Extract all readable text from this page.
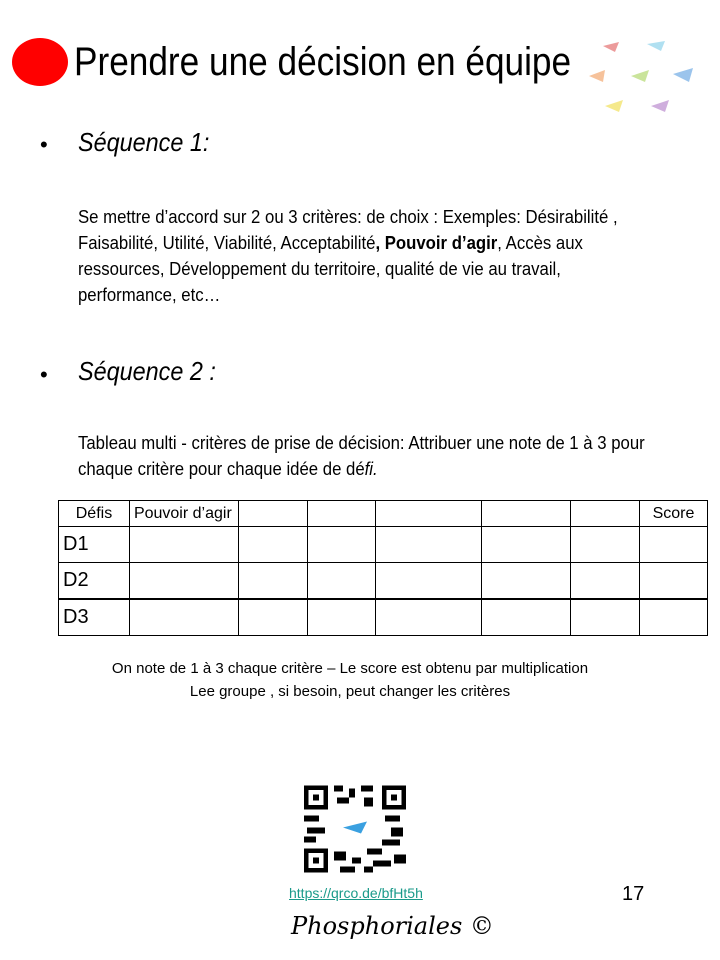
Prendre une décision en équipe
• Séquence 1:
Se mettre d’accord sur 2 ou 3 critères: de choix : Exemples: Désirabilité , Faisabilité, Utilité, Viabilité, Acceptabilité, Pouvoir d’agir, Accès aux ressources, Développement du territoire, qualité de vie au travail, performance, etc…
• Séquence 2 :
Tableau multi - critères de prise de décision: Attribuer une note de 1 à 3 pour chaque critère pour chaque idée de défi.
Défis	Pouvoir d’agir						Score
D1							
D2							
D3							
On note de 1 à 3 chaque critère – Le score est obtenu par multiplication
Lee groupe , si besoin, peut changer les critères
https://qrco.de/bfHt5h	17
Phosphoriales ©
